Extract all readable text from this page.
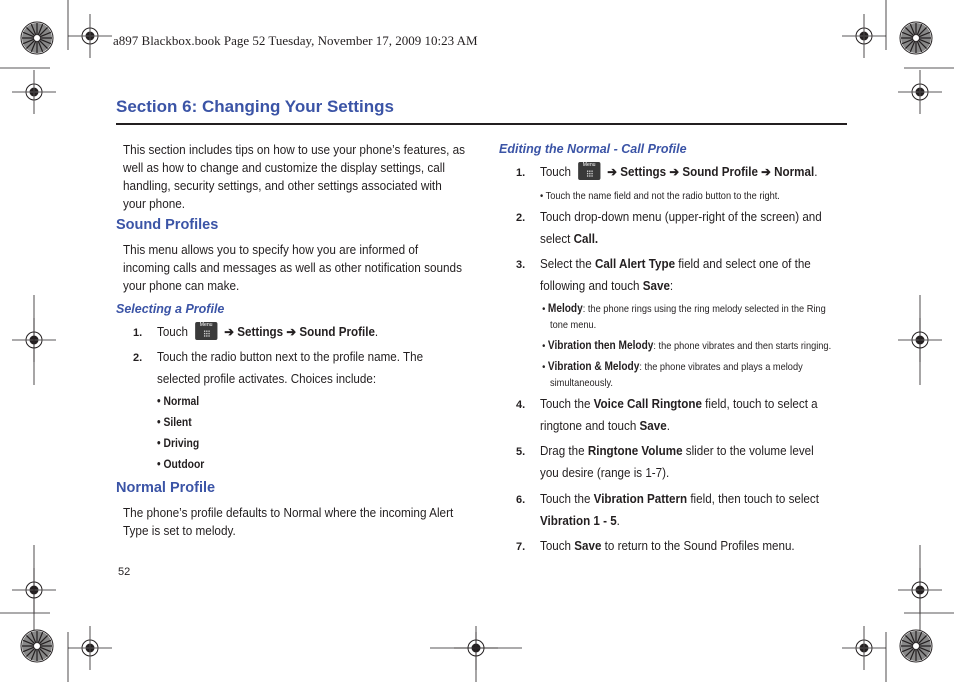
a897 Blackbox.book Page 52 Tuesday, November 17, 2009 10:23 AM
Section 6: Changing Your Settings
This section includes tips on how to use your phone’s features, as well as how to change and customize the display settings, call handling, security settings, and other settings associated with your phone.
Sound Profiles
This menu allows you to specify how you are informed of incoming calls and messages as well as other notification sounds your phone can make.
Selecting a Profile
1. Touch	Menu ➔ Settings ➔ Sound Profile.
2. Touch the radio button next to the profile name. The selected profile activates. Choices include:
• Normal
• Silent
• Driving
• Outdoor
Normal Profile
The phone’s profile defaults to Normal where the incoming Alert Type is set to melody.
52
Editing the Normal - Call Profile
1. Touch	Menu ➔ Settings ➔ Sound Profile ➔ Normal.
• Touch the name field and not the radio button to the right.
2. Touch drop-down menu (upper-right of the screen) and select Call.
3. Select the Call Alert Type field and select one of the following and touch Save:
• Melody: the phone rings using the ring melody selected in the Ring tone menu.
• Vibration then Melody: the phone vibrates and then starts ringing.
• Vibration & Melody: the phone vibrates and plays a melody simultaneously.
4. Touch the Voice Call Ringtone field, touch to select a ringtone and touch Save.
5. Drag the Ringtone Volume slider to the volume level you desire (range is 1-7).
6. Touch the Vibration Pattern field, then touch to select Vibration 1 - 5.
7. Touch Save to return to the Sound Profiles menu.
